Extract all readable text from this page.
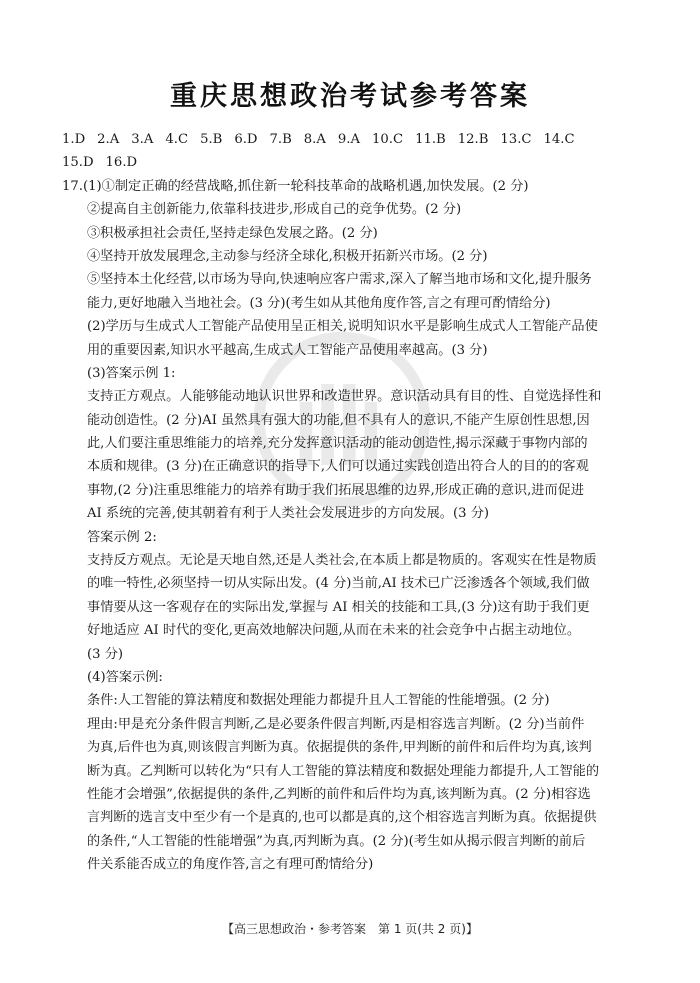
重庆思想政治考试参考答案
1.D 2.A 3.A 4.C 5.B 6.D 7.B 8.A 9.A 10.C 11.B 12.B 13.C 14.C
15.D 16.D
17.(1)①制定正确的经营战略,抓住新一轮科技革命的战略机遇,加快发展。(2 分)
②提高自主创新能力,依靠科技进步,形成自己的竞争优势。(2 分)
③积极承担社会责任,坚持走绿色发展之路。(2 分)
④坚持开放发展理念,主动参与经济全球化,积极开拓新兴市场。(2 分)
⑤坚持本土化经营,以市场为导向,快速响应客户需求,深入了解当地市场和文化,提升服务
能力,更好地融入当地社会。(3 分)(考生如从其他角度作答,言之有理可酌情给分)
(2)学历与生成式人工智能产品使用呈正相关,说明知识水平是影响生成式人工智能产品使
用的重要因素,知识水平越高,生成式人工智能产品使用率越高。(3 分)
(3)答案示例 1:
支持正方观点。人能够能动地认识世界和改造世界。意识活动具有目的性、自觉选择性和
能动创造性。(2 分)AI 虽然具有强大的功能,但不具有人的意识,不能产生原创性思想,因
此,人们要注重思维能力的培养,充分发挥意识活动的能动创造性,揭示深藏于事物内部的
本质和规律。(3 分)在正确意识的指导下,人们可以通过实践创造出符合人的目的的客观
事物,(2 分)注重思维能力的培养有助于我们拓展思维的边界,形成正确的意识,进而促进
AI 系统的完善,使其朝着有利于人类社会发展进步的方向发展。(3 分)
答案示例 2:
支持反方观点。无论是天地自然,还是人类社会,在本质上都是物质的。客观实在性是物质
的唯一特性,必须坚持一切从实际出发。(4 分)当前,AI 技术已广泛渗透各个领域,我们做
事情要从这一客观存在的实际出发,掌握与 AI 相关的技能和工具,(3 分)这有助于我们更
好地适应 AI 时代的变化,更高效地解决问题,从而在未来的社会竞争中占据主动地位。
(3 分)
(4)答案示例:
条件:人工智能的算法精度和数据处理能力都提升且人工智能的性能增强。(2 分)
理由:甲是充分条件假言判断,乙是必要条件假言判断,丙是相容选言判断。(2 分)当前件
为真,后件也为真,则该假言判断为真。依据提供的条件,甲判断的前件和后件均为真,该判
断为真。乙判断可以转化为“只有人工智能的算法精度和数据处理能力都提升,人工智能的
性能才会增强”,依据提供的条件,乙判断的前件和后件均为真,该判断为真。(2 分)相容选
言判断的选言支中至少有一个是真的,也可以都是真的,这个相容选言判断为真。依据提供
的条件,“人工智能的性能增强”为真,丙判断为真。(2 分)(考生如从揭示假言判断的前后
件关系能否成立的角度作答,言之有理可酌情给分)
【高三思想政治・参考答案　第 1 页(共 2 页)】
